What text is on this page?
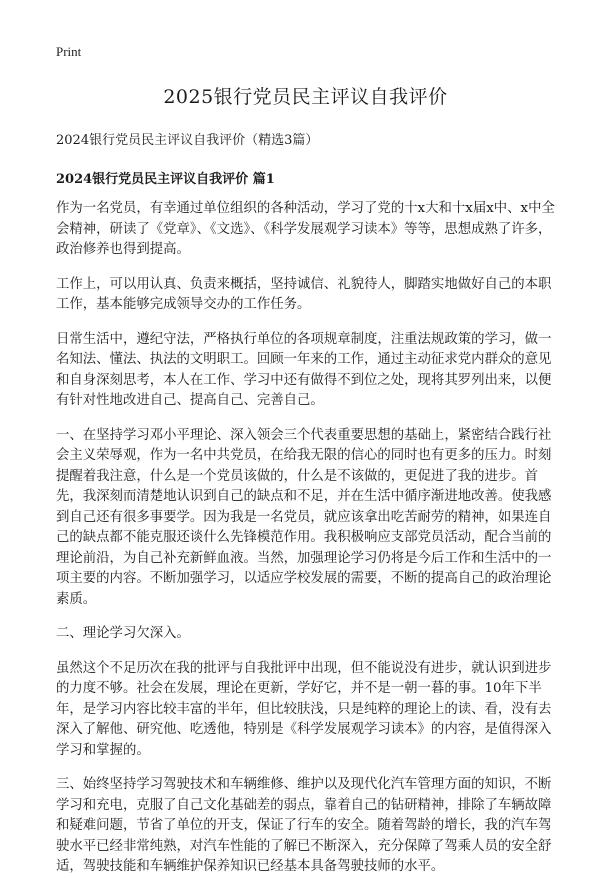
Print
2025银行党员民主评议自我评价

2024银行党员民主评议自我评价（精选3篇）

2024银行党员民主评议自我评价 篇1

作为一名党员，有幸通过单位组织的各种活动，学习了党的十x大和十x届x中、x中全会精神，研读了《党章》、《文选》、《科学发展观学习读本》等等，思想成熟了许多，政治修养也得到提高。

工作上，可以用认真、负责来概括，坚持诚信、礼貌待人，脚踏实地做好自己的本职工作，基本能够完成领导交办的工作任务。

日常生活中，遵纪守法，严格执行单位的各项规章制度，注重法规政策的学习，做一名知法、懂法、执法的文明职工。回顾一年来的工作，通过主动征求党内群众的意见和自身深刻思考，本人在工作、学习中还有做得不到位之处，现将其罗列出来，以便有针对性地改进自己、提高自己、完善自己。

一、在坚持学习邓小平理论、深入领会三个代表重要思想的基础上，紧密结合践行社会主义荣辱观，作为一名中共党员，在给我无限的信心的同时也有更多的压力。时刻提醒着我注意，什么是一个党员该做的，什么是不该做的，更促进了我的进步。首先，我深刻而清楚地认识到自己的缺点和不足，并在生活中循序渐进地改善。使我感到自己还有很多事要学。因为我是一名党员，就应该拿出吃苦耐劳的精神，如果连自己的缺点都不能克服还谈什么先锋模范作用。我积极响应支部党员活动，配合当前的理论前沿，为自己补充新鲜血液。当然，加强理论学习仍将是今后工作和生活中的一项主要的内容。不断加强学习，以适应学校发展的需要，不断的提高自己的政治理论素质。

二、理论学习欠深入。

虽然这个不足历次在我的批评与自我批评中出现，但不能说没有进步，就认识到进步的力度不够。社会在发展，理论在更新，学好它，并不是一朝一暮的事。10年下半年，是学习内容比较丰富的半年，但比较肤浅，只是纯粹的理论上的读、看，没有去深入了解他、研究他、吃透他，特别是《科学发展观学习读本》的内容，是值得深入学习和掌握的。

三、始终坚持学习驾驶技术和车辆维修、维护以及现代化汽车管理方面的知识，不断学习和充电，克服了自己文化基础差的弱点，靠着自己的钻研精神，排除了车辆故障和疑难问题，节省了单位的开支，保证了行车的安全。随着驾龄的增长，我的汽车驾驶水平已经非常纯熟，对汽车性能的了解已不断深入，充分保障了驾乘人员的安全舒适，驾驶技能和车辆维护保养知识已经基本具备驾驶技师的水平。
